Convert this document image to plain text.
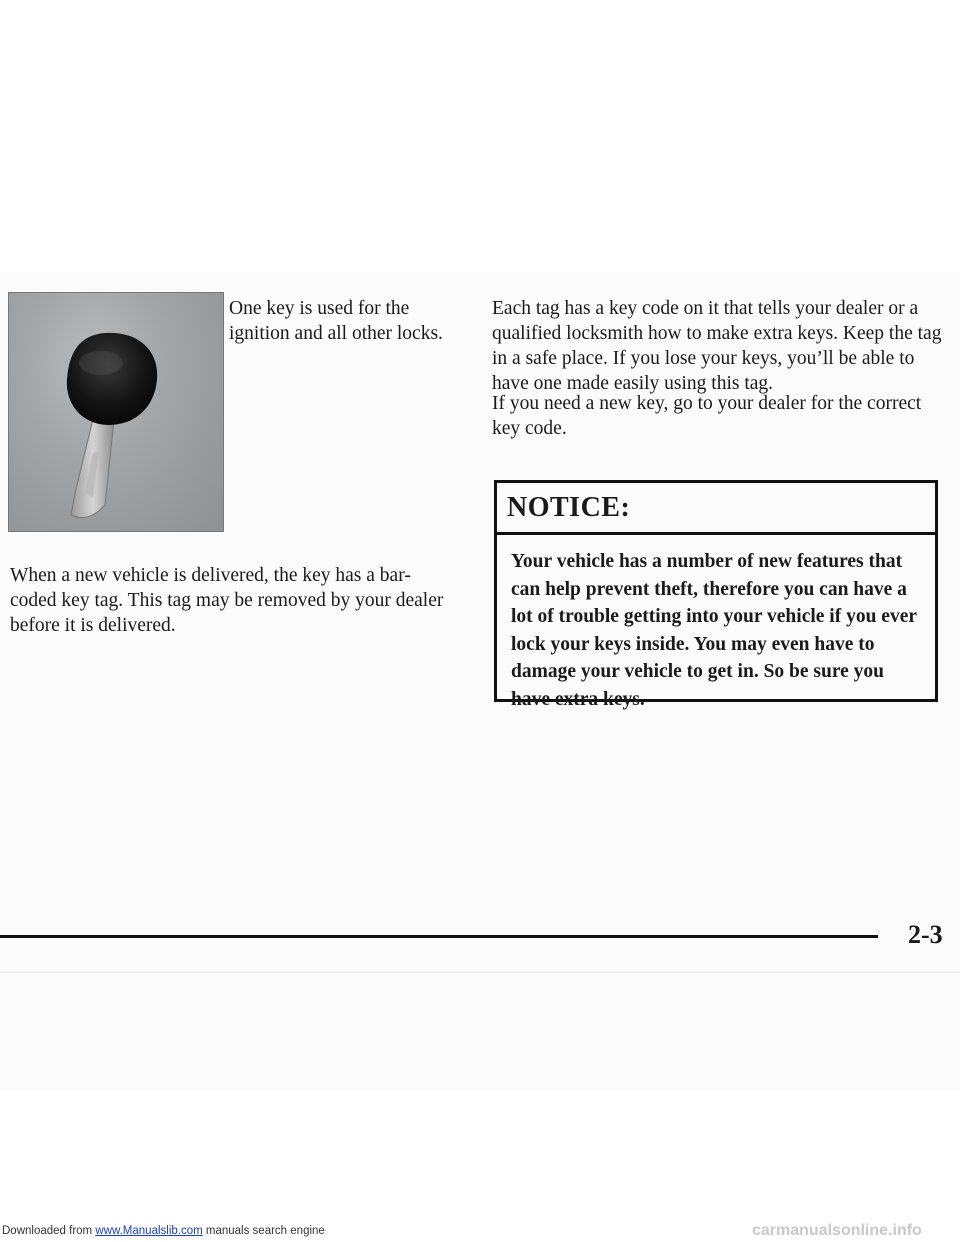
One key is used for the ignition and all other locks.

When a new vehicle is delivered, the key has a bar-coded key tag. This tag may be removed by your dealer before it is delivered.

Each tag has a key code on it that tells your dealer or a qualified locksmith how to make extra keys. Keep the tag in a safe place. If you lose your keys, you’ll be able to have one made easily using this tag.

If you need a new key, go to your dealer for the correct key code.

NOTICE:

Your vehicle has a number of new features that can help prevent theft, therefore you can have a lot of trouble getting into your vehicle if you ever lock your keys inside. You may even have to damage your vehicle to get in. So be sure you have extra keys.

2-3
Downloaded from www.Manualslib.com manuals search engine	carmanualsonline.info
